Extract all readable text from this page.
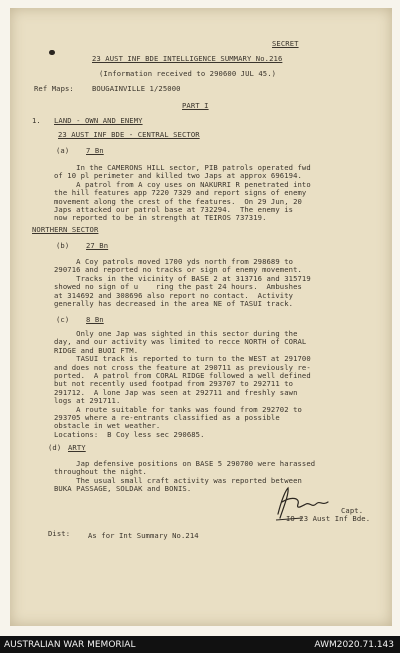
SECRET
23 AUST INF BDE INTELLIGENCE SUMMARY No.216
(Information received to 290600 JUL 45.)
Ref Maps:	BOUGAINVILLE 1/25000
PART I
1. LAND - OWN AND ENEMY
23 AUST INF BDE - CENTRAL SECTOR
(a) 7 Bn
In the CAMERONS HILL sector, PIB patrols operated fwd
of 10 pl perimeter and killed two Japs at approx 696194.
A patrol from A coy uses on NAKURRI R penetrated into
the hill features app 7220 7329 and report signs of enemy
movement along the crest of the features.  On 29 Jun, 20
Japs attacked our patrol base at 732294.  The enemy is
now reported to be in strength at TEIROS 737319.
NORTHERN SECTOR
(b) 27 Bn
A Coy patrols moved 1700 yds north from 298689 to
290716 and reported no tracks or sign of enemy movement.
Tracks in the vicinity of BASE 2 at 313716 and 315719
showed no sign of u    ring the past 24 hours.  Ambushes
at 314692 and 308696 also report no contact.  Activity
generally has decreased in the area NE of TASUI track.
(c) 8 Bn
Only one Jap was sighted in this sector during the
day, and our activity was limited to recce NORTH of CORAL
RIDGE and BUOI FTM.
TASUI track is reported to turn to the WEST at 291700
and does not cross the feature at 290711 as previously re-
ported.  A patrol from CORAL RIDGE followed a well defined
but not recently used footpad from 293707 to 292711 to
291712.  A lone Jap was seen at 292711 and freshly sawn
logs at 291711.
A route suitable for tanks was found from 292702 to
293705 where a re-entrants classified as a possible
obstacle in wet weather.
Locations:  B Coy less sec 290685.
(d) ARTY
Jap defensive positions on BASE 5 290700 were harassed
throughout the night.
The usual small craft activity was reported between
BUKA PASSAGE, SOLDAK and BONIS.
Capt.
IO 23 Aust Inf Bde.
Dist: As for Int Summary No.214
AUSTRALIAN WAR MEMORIAL	AWM2020.71.143
